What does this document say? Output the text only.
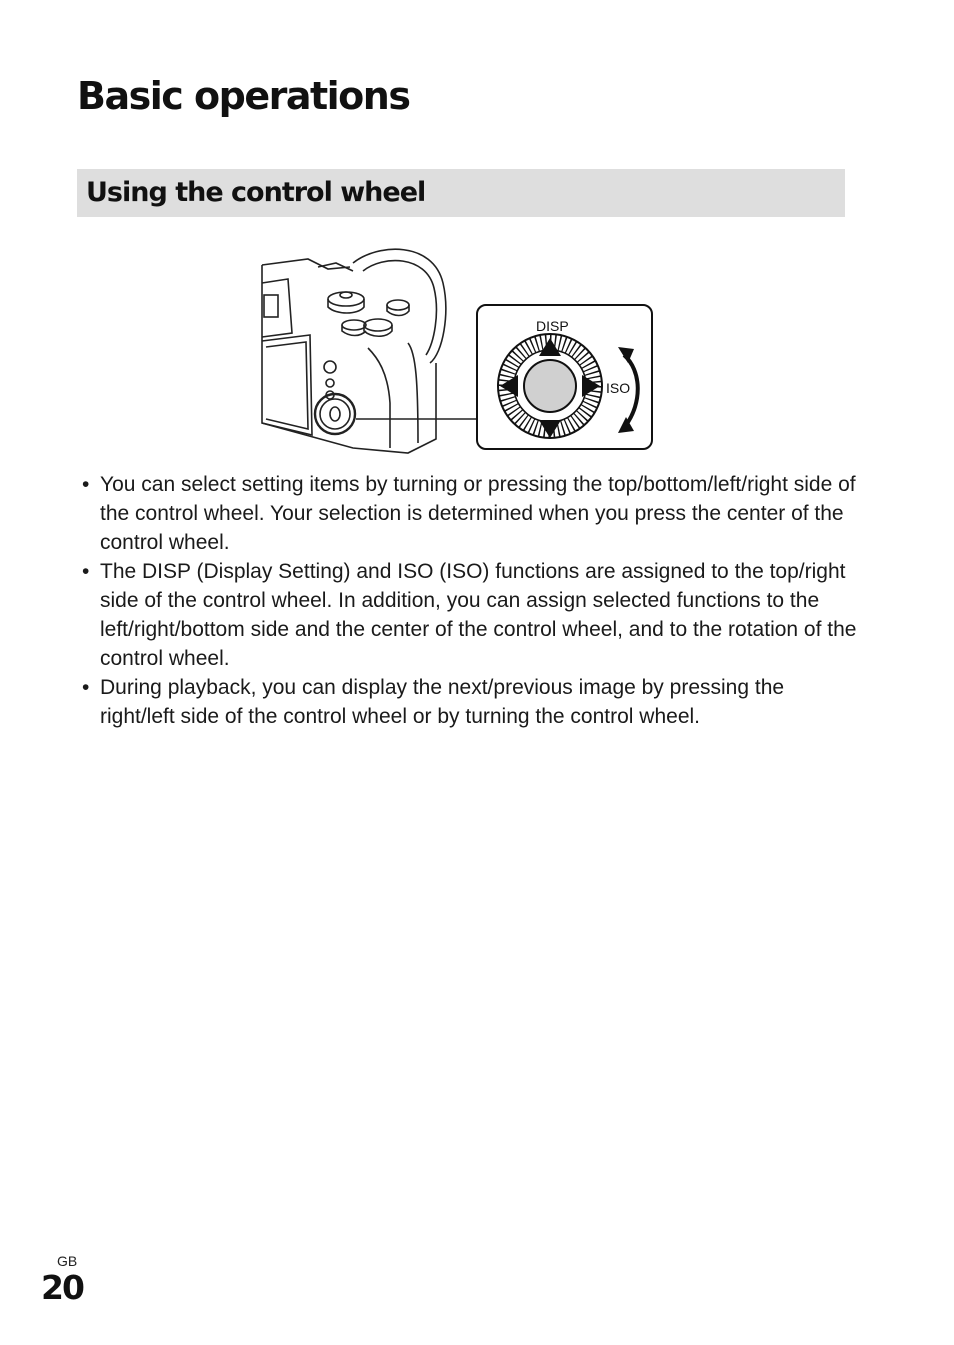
Basic operations
Using the control wheel
DISP
ISO
• You can select setting items by turning or pressing the top/bottom/left/right side of the control wheel. Your selection is determined when you press the center of the control wheel.
• The DISP (Display Setting) and ISO (ISO) functions are assigned to the top/right side of the control wheel. In addition, you can assign selected functions to the left/right/bottom side and the center of the control wheel, and to the rotation of the control wheel.
• During playback, you can display the next/previous image by pressing the right/left side of the control wheel or by turning the control wheel.
GB
20
